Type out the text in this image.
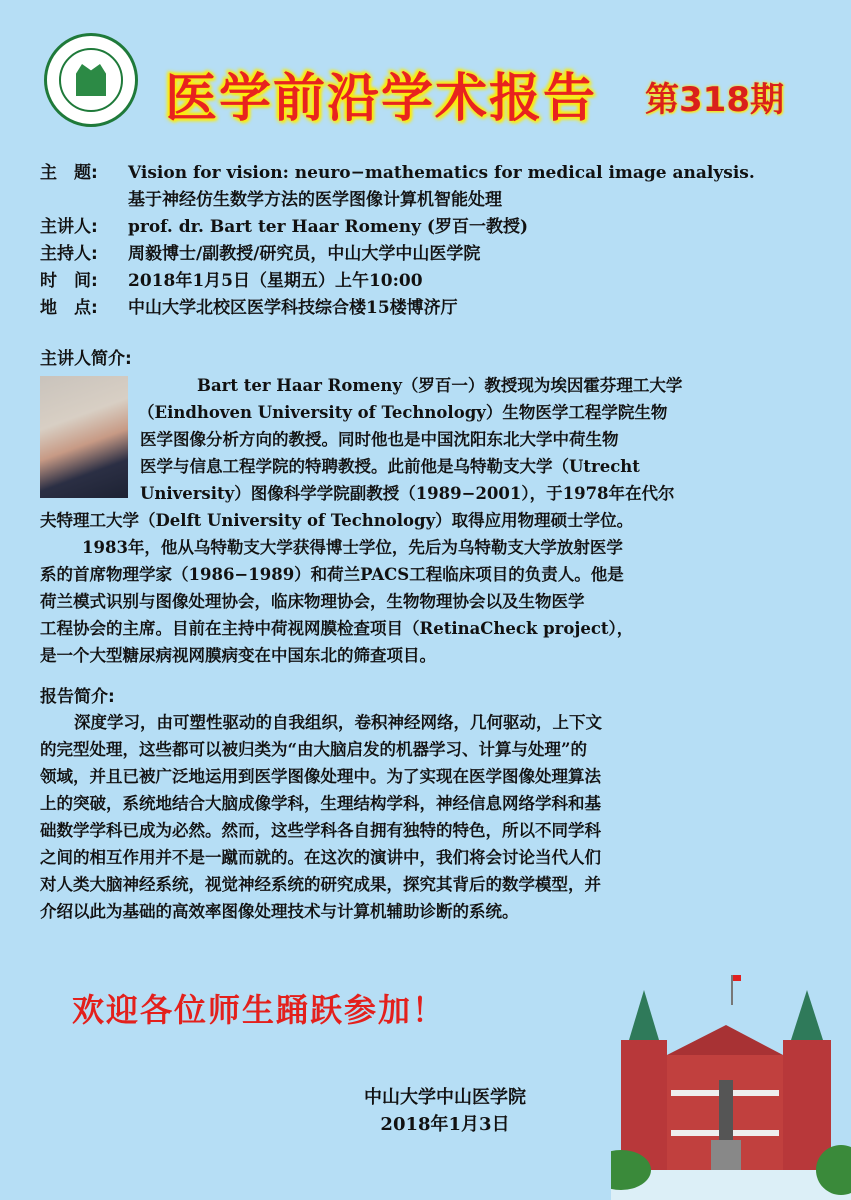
医学前沿学术报告 第318期
主　题:	Vision for vision: neuro−mathematics for medical image analysis.
基于神经仿生数学方法的医学图像计算机智能处理
主讲人:	prof. dr. Bart ter Haar Romeny (罗百一教授)
主持人:	周毅博士/副教授/研究员，中山大学中山医学院
时　间:	2018年1月5日（星期五）上午10:00
地　点:	中山大学北校区医学科技综合楼15楼博济厅
主讲人简介:
Bart ter Haar Romeny（罗百一）教授现为埃因霍芬理工大学
（Eindhoven University of Technology）生物医学工程学院生物
医学图像分析方向的教授。同时他也是中国沈阳东北大学中荷生物
医学与信息工程学院的特聘教授。此前他是乌特勒支大学（Utrecht
University）图像科学学院副教授（1989−2001），于1978年在代尔
夫特理工大学（Delft University of Technology）取得应用物理硕士学位。
1983年，他从乌特勒支大学获得博士学位，先后为乌特勒支大学放射医学
系的首席物理学家（1986−1989）和荷兰PACS工程临床项目的负责人。他是
荷兰模式识别与图像处理协会，临床物理协会，生物物理协会以及生物医学
工程协会的主席。目前在主持中荷视网膜检查项目（RetinaCheck project），
是一个大型糖尿病视网膜病变在中国东北的筛查项目。
报告简介:
深度学习，由可塑性驱动的自我组织，卷积神经网络，几何驱动，上下文
的完型处理，这些都可以被归类为“由大脑启发的机器学习、计算与处理”的
领域，并且已被广泛地运用到医学图像处理中。为了实现在医学图像处理算法
上的突破，系统地结合大脑成像学科，生理结构学科，神经信息网络学科和基
础数学学科已成为必然。然而，这些学科各自拥有独特的特色，所以不同学科
之间的相互作用并不是一蹴而就的。在这次的演讲中，我们将会讨论当代人们
对人类大脑神经系统，视觉神经系统的研究成果，探究其背后的数学模型，并
介绍以此为基础的高效率图像处理技术与计算机辅助诊断的系统。
欢迎各位师生踊跃参加！
中山大学中山医学院
2018年1月3日
